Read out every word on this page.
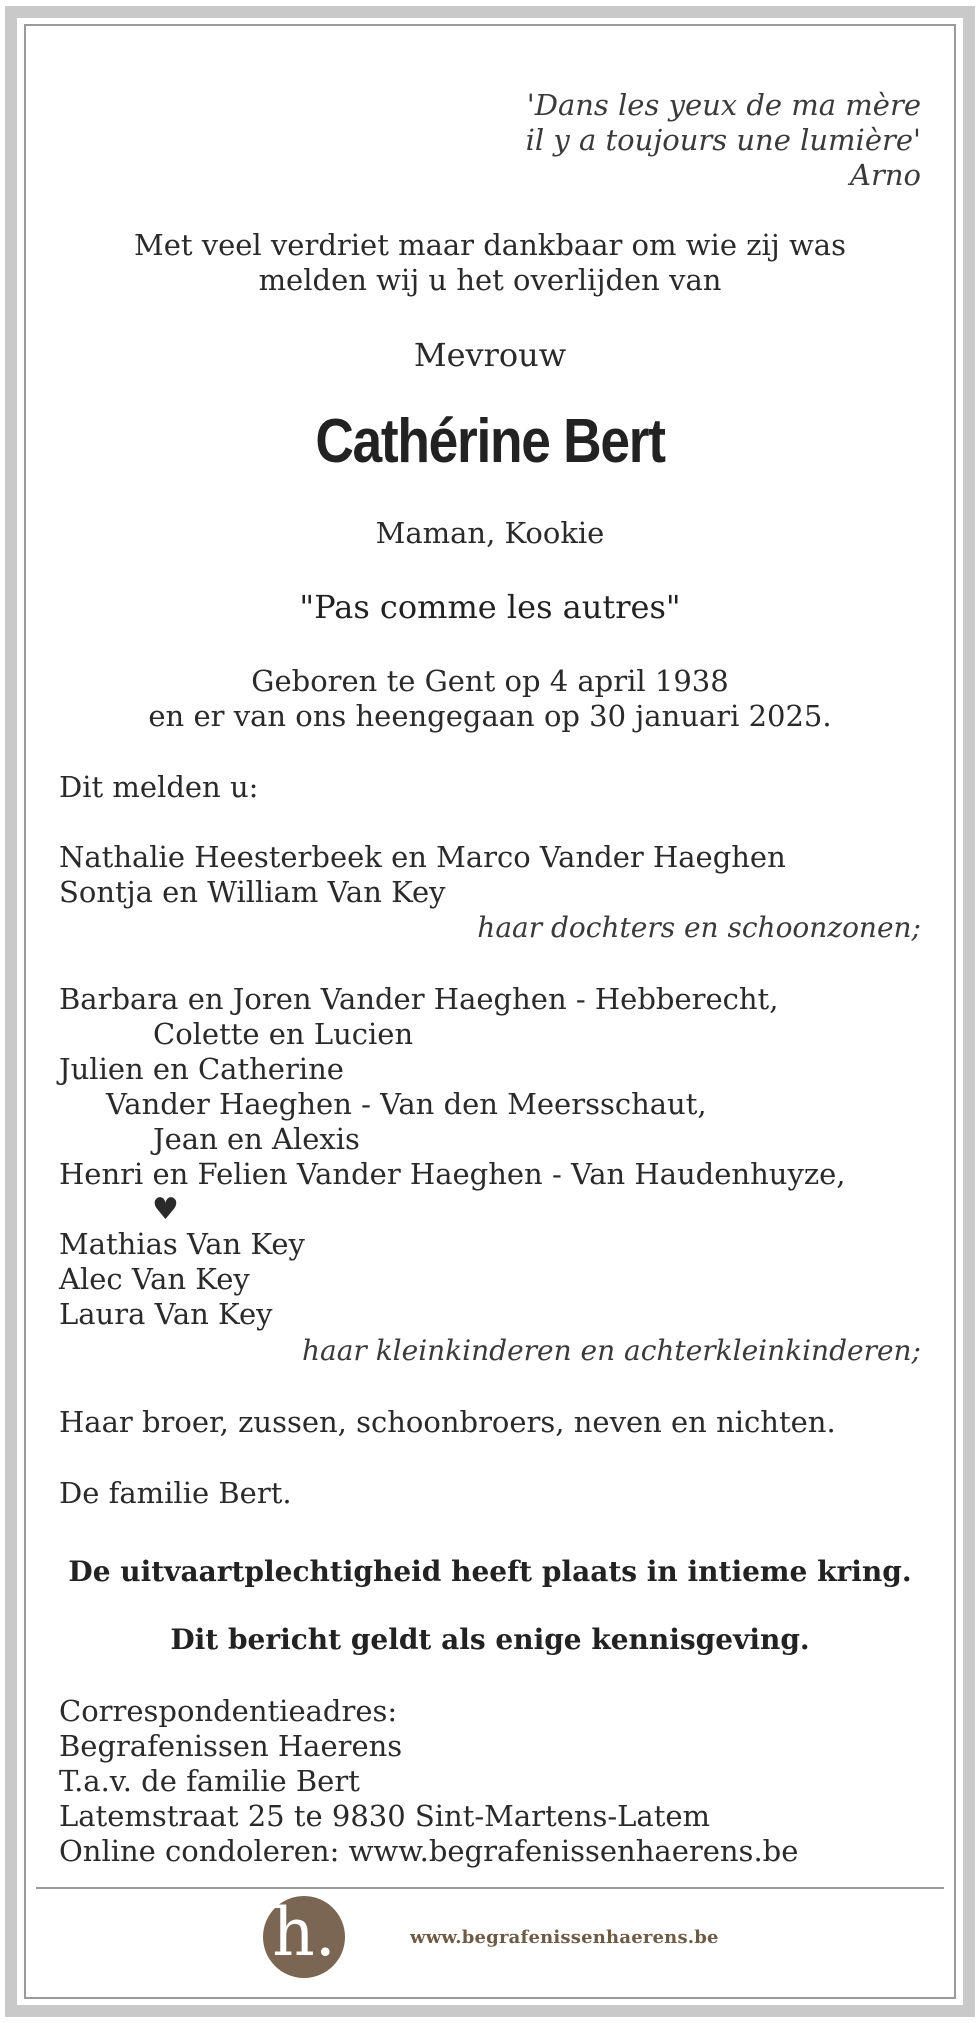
'Dans les yeux de ma mère
il y a toujours une lumière'
Arno
Met veel verdriet maar dankbaar om wie zij was
melden wij u het overlijden van
Mevrouw
Cathérine Bert
Maman, Kookie
"Pas comme les autres"
Geboren te Gent op 4 april 1938
en er van ons heengegaan op 30 januari 2025.
Dit melden u:
Nathalie Heesterbeek en Marco Vander Haeghen
Sontja en William Van Key
haar dochters en schoonzonen;
Barbara en Joren Vander Haeghen - Hebberecht,
Colette en Lucien
Julien en Catherine
Vander Haeghen - Van den Meersschaut,
Jean en Alexis
Henri en Felien Vander Haeghen - Van Haudenhuyze,
♥
Mathias Van Key
Alec Van Key
Laura Van Key
haar kleinkinderen en achterkleinkinderen;
Haar broer, zussen, schoonbroers, neven en nichten.
De familie Bert.
De uitvaartplechtigheid heeft plaats in intieme kring.
Dit bericht geldt als enige kennisgeving.
Correspondentieadres:
Begrafenissen Haerens
T.a.v. de familie Bert
Latemstraat 25 te 9830 Sint-Martens-Latem
Online condoleren: www.begrafenissenhaerens.be
h.	www.begrafenissenhaerens.be
